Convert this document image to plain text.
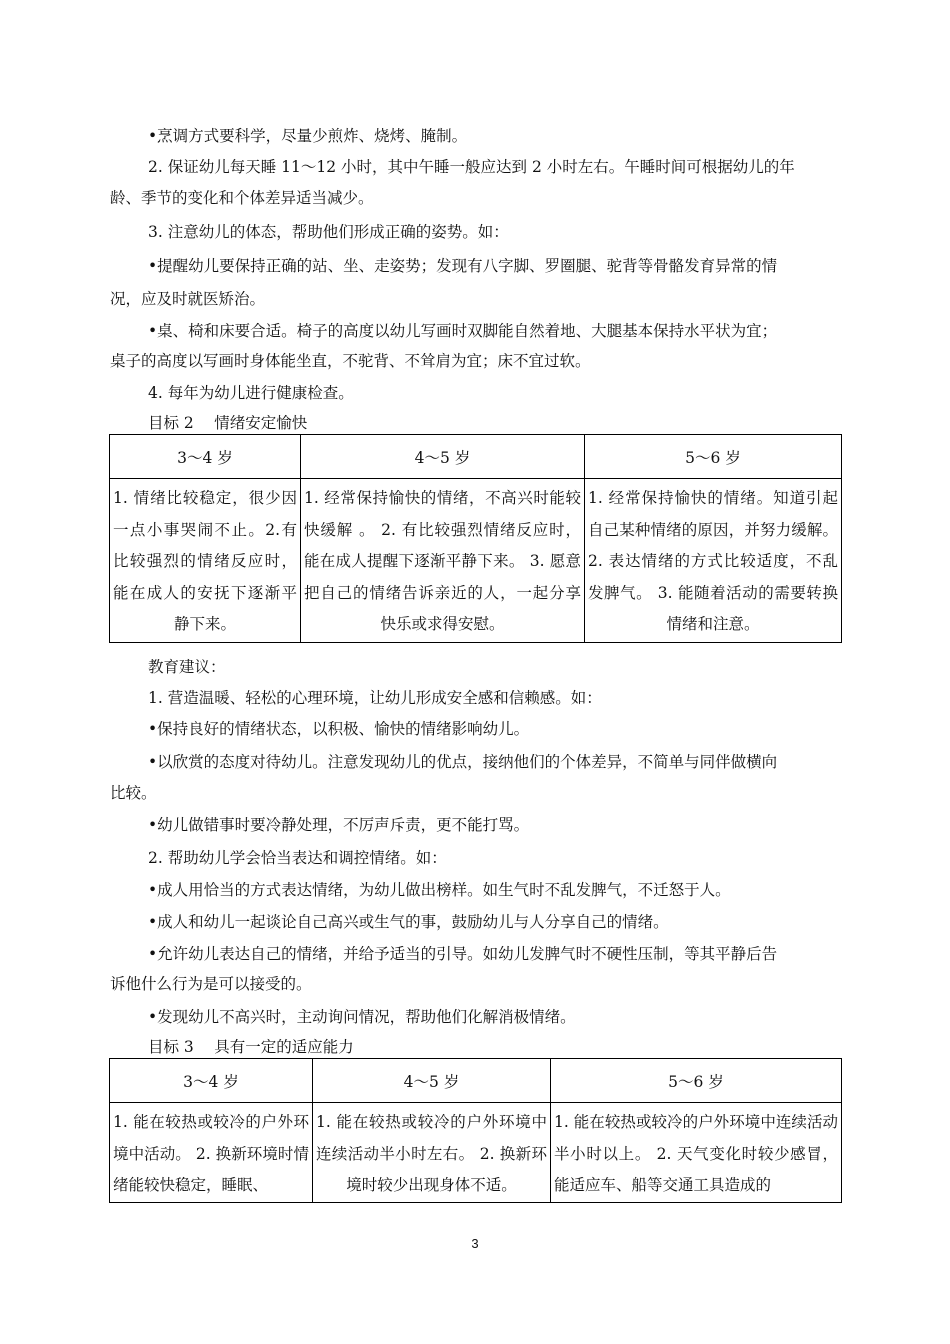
•烹调方式要科学，尽量少煎炸、烧烤、腌制。
2. 保证幼儿每天睡 11～12 小时，其中午睡一般应达到 2 小时左右。午睡时间可根据幼儿的年
龄、季节的变化和个体差异适当减少。
3. 注意幼儿的体态，帮助他们形成正确的姿势。如：
•提醒幼儿要保持正确的站、坐、走姿势；发现有八字脚、罗圈腿、驼背等骨骼发育异常的情
况，应及时就医矫治。
•桌、椅和床要合适。椅子的高度以幼儿写画时双脚能自然着地、大腿基本保持水平状为宜；
桌子的高度以写画时身体能坐直，不驼背、不耸肩为宜；床不宜过软。
4. 每年为幼儿进行健康检查。
目标 2　 情绪安定愉快
3～4 岁	4～5 岁	5～6 岁

1. 情绪比较稳定，很少因一点小事哭闹不止。2.有比较强烈的情绪反应时，能在成人的安抚下逐渐平静下来。	1. 经常保持愉快的情绪，不高兴时能较快缓解 。 2. 有比较强烈情绪反应时，能在成人提醒下逐渐平静下来。 3. 愿意把自己的情绪告诉亲近的人，一起分享快乐或求得安慰。	1. 经常保持愉快的情绪。知道引起自己某种情绪的原因，并努力缓解。 2. 表达情绪的方式比较适度，不乱发脾气。 3. 能随着活动的需要转换情绪和注意。
教育建议：
1. 营造温暖、轻松的心理环境，让幼儿形成安全感和信赖感。如：
•保持良好的情绪状态，以积极、愉快的情绪影响幼儿。
•以欣赏的态度对待幼儿。注意发现幼儿的优点，接纳他们的个体差异，不简单与同伴做横向
比较。
•幼儿做错事时要冷静处理，不厉声斥责，更不能打骂。
2. 帮助幼儿学会恰当表达和调控情绪。如：
•成人用恰当的方式表达情绪，为幼儿做出榜样。如生气时不乱发脾气，不迁怒于人。
•成人和幼儿一起谈论自己高兴或生气的事，鼓励幼儿与人分享自己的情绪。
•允许幼儿表达自己的情绪，并给予适当的引导。如幼儿发脾气时不硬性压制，等其平静后告
诉他什么行为是可以接受的。
•发现幼儿不高兴时，主动询问情况，帮助他们化解消极情绪。
目标 3　 具有一定的适应能力
3～4 岁	4～5 岁	5～6 岁

1. 能在较热或较冷的户外环境中活动。 2. 换新环境时情绪能较快稳定，睡眠、	1. 能在较热或较冷的户外环境中连续活动半小时左右。 2. 换新环境时较少出现身体不适。	1. 能在较热或较冷的户外环境中连续活动半小时以上。 2. 天气变化时较少感冒，能适应车、船等交通工具造成的
3
